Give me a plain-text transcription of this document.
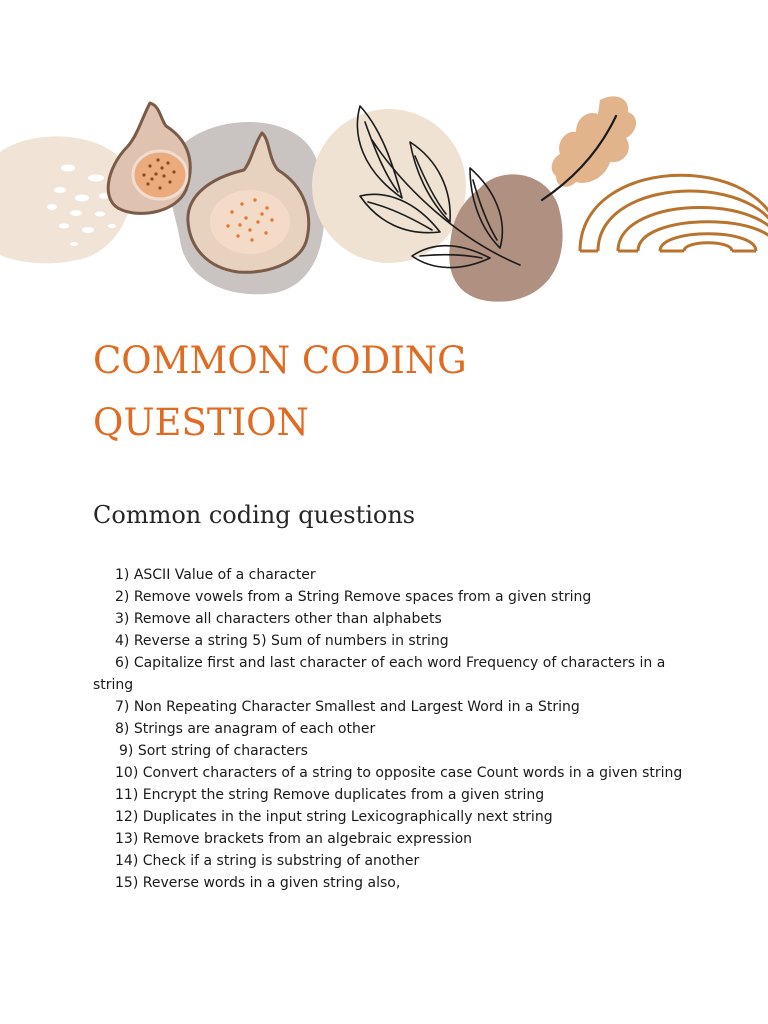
COMMON CODING
QUESTION
Common coding questions
1) ASCII Value of a character
2) Remove vowels from a String Remove spaces from a given string
3) Remove all characters other than alphabets
4) Reverse a string 5) Sum of numbers in string
6) Capitalize first and last character of each word Frequency of characters in a string
7) Non Repeating Character Smallest and Largest Word in a String
8) Strings are anagram of each other
9) Sort string of characters
10) Convert characters of a string to opposite case Count words in a given string
11) Encrypt the string Remove duplicates from a given string
12) Duplicates in the input string Lexicographically next string
13) Remove brackets from an algebraic expression
14) Check if a string is substring of another
15) Reverse words in a given string also,
